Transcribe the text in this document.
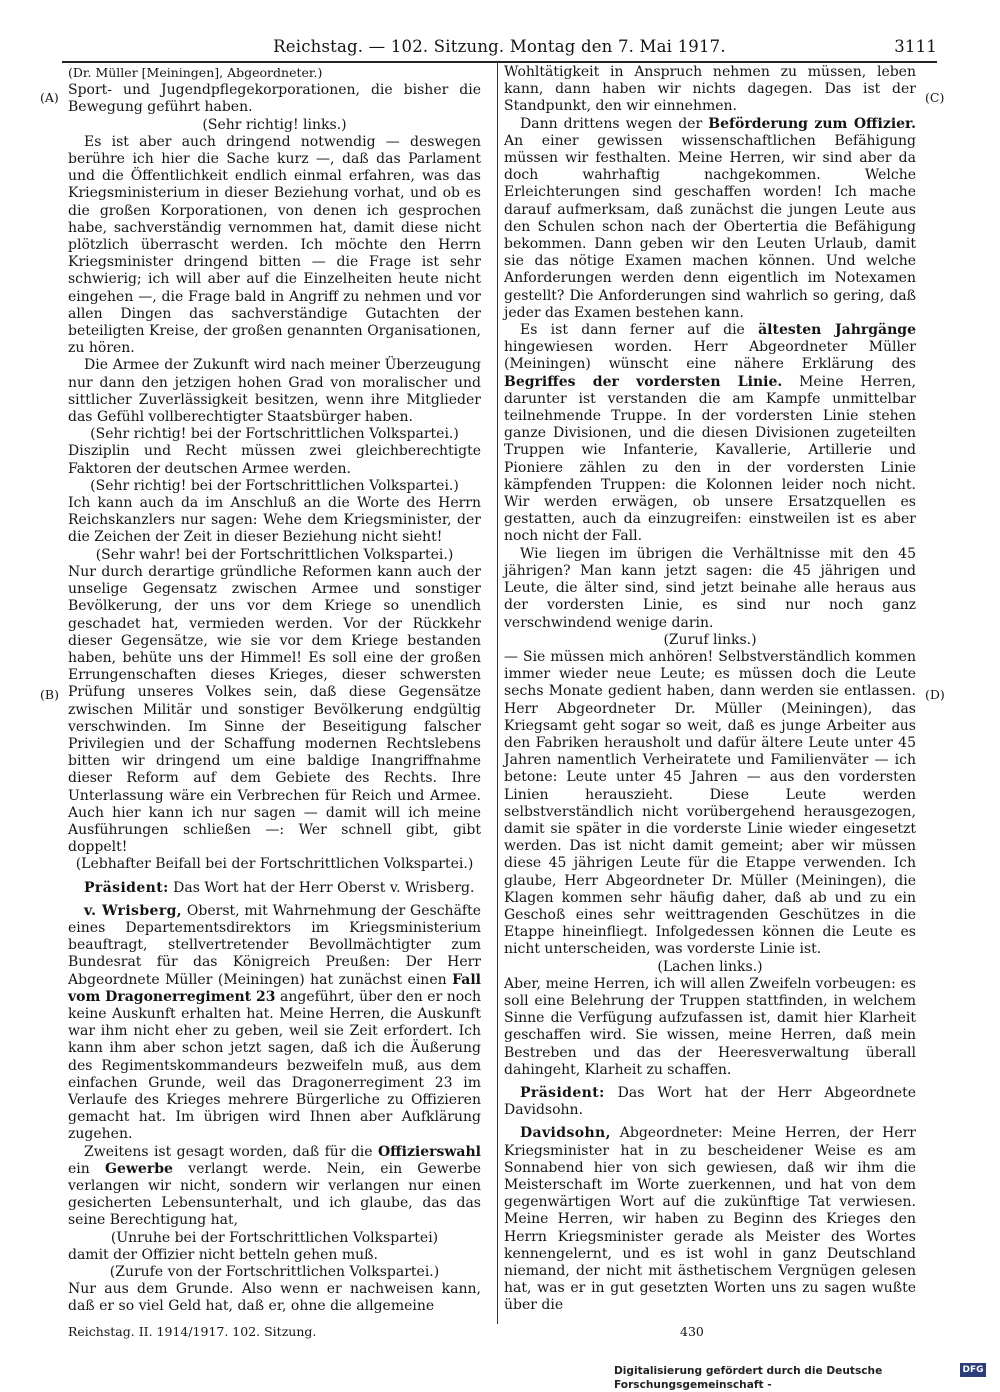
Reichstag. — 102. Sitzung. Montag den 7. Mai 1917.	3111
(A)
(B)
(C)
(D)

(Dr. Müller [Meiningen], Abgeordneter.)

Sport- und Jugendpflegekorporationen, die bisher die Bewegung geführt haben.

(Sehr richtig! links.)

Es ist aber auch dringend notwendig — deswegen berühre ich hier die Sache kurz —, daß das Parlament und die Öffentlichkeit endlich einmal erfahren, was das Kriegsministerium in dieser Beziehung vorhat, und ob es die großen Korporationen, von denen ich gesprochen habe, sachverständig vernommen hat, damit diese nicht plötzlich überrascht werden. Ich möchte den Herrn Kriegsminister dringend bitten — die Frage ist sehr schwierig; ich will aber auf die Einzelheiten heute nicht eingehen —, die Frage bald in Angriff zu nehmen und vor allen Dingen das sachverständige Gutachten der beteiligten Kreise, der großen genannten Organisationen, zu hören.

Die Armee der Zukunft wird nach meiner Überzeugung nur dann den jetzigen hohen Grad von moralischer und sittlicher Zuverlässigkeit besitzen, wenn ihre Mitglieder das Gefühl vollberechtigter Staatsbürger haben.

(Sehr richtig! bei der Fortschrittlichen Volkspartei.)

Disziplin und Recht müssen zwei gleichberechtigte Faktoren der deutschen Armee werden.

(Sehr richtig! bei der Fortschrittlichen Volkspartei.)

Ich kann auch da im Anschluß an die Worte des Herrn Reichskanzlers nur sagen: Wehe dem Kriegsminister, der die Zeichen der Zeit in dieser Beziehung nicht sieht!

(Sehr wahr! bei der Fortschrittlichen Volkspartei.)

Nur durch derartige gründliche Reformen kann auch der unselige Gegensatz zwischen Armee und sonstiger Bevölkerung, der uns vor dem Kriege so unendlich geschadet hat, vermieden werden. Vor der Rückkehr dieser Gegensätze, wie sie vor dem Kriege bestanden haben, behüte uns der Himmel! Es soll eine der großen Errungenschaften dieses Krieges, dieser schwersten Prüfung unseres Volkes sein, daß diese Gegensätze zwischen Militär und sonstiger Bevölkerung endgültig verschwinden. Im Sinne der Beseitigung falscher Privilegien und der Schaffung modernen Rechtslebens bitten wir dringend um eine baldige Inangriffnahme dieser Reform auf dem Gebiete des Rechts. Ihre Unterlassung wäre ein Verbrechen für Reich und Armee. Auch hier kann ich nur sagen — damit will ich meine Ausführungen schließen —: Wer schnell gibt, gibt doppelt!

(Lebhafter Beifall bei der Fortschrittlichen Volkspartei.)

Präsident: Das Wort hat der Herr Oberst v. Wrisberg.

v. Wrisberg, Oberst, mit Wahrnehmung der Geschäfte eines Departementsdirektors im Kriegsministerium beauftragt, stellvertretender Bevollmächtigter zum Bundesrat für das Königreich Preußen: Der Herr Abgeordnete Müller (Meiningen) hat zunächst einen Fall vom Dragonerregiment 23 angeführt, über den er noch keine Auskunft erhalten hat. Meine Herren, die Auskunft war ihm nicht eher zu geben, weil sie Zeit erfordert. Ich kann ihm aber schon jetzt sagen, daß ich die Äußerung des Regimentskommandeurs bezweifeln muß, aus dem einfachen Grunde, weil das Dragonerregiment 23 im Verlaufe des Krieges mehrere Bürgerliche zu Offizieren gemacht hat. Im übrigen wird Ihnen aber Aufklärung zugehen.

Zweitens ist gesagt worden, daß für die Offizierswahl ein Gewerbe verlangt werde. Nein, ein Gewerbe verlangen wir nicht, sondern wir verlangen nur einen gesicherten Lebensunterhalt, und ich glaube, das das seine Berechtigung hat,

(Unruhe bei der Fortschrittlichen Volkspartei)

damit der Offizier nicht betteln gehen muß.

(Zurufe von der Fortschrittlichen Volkspartei.)

Nur aus dem Grunde. Also wenn er nachweisen kann, daß er so viel Geld hat, daß er, ohne die allgemeine

Wohltätigkeit in Anspruch nehmen zu müssen, leben kann, dann haben wir nichts dagegen. Das ist der Standpunkt, den wir einnehmen.

Dann drittens wegen der Beförderung zum Offizier. An einer gewissen wissenschaftlichen Befähigung müssen wir festhalten. Meine Herren, wir sind aber da doch wahrhaftig nachgekommen. Welche Erleichterungen sind geschaffen worden! Ich mache darauf aufmerksam, daß zunächst die jungen Leute aus den Schulen schon nach der Obertertia die Befähigung bekommen. Dann geben wir den Leuten Urlaub, damit sie das nötige Examen machen können. Und welche Anforderungen werden denn eigentlich im Notexamen gestellt? Die Anforderungen sind wahrlich so gering, daß jeder das Examen bestehen kann.

Es ist dann ferner auf die ältesten Jahrgänge hingewiesen worden. Herr Abgeordneter Müller (Meiningen) wünscht eine nähere Erklärung des Begriffes der vordersten Linie. Meine Herren, darunter ist verstanden die am Kampfe unmittelbar teilnehmende Truppe. In der vordersten Linie stehen ganze Divisionen, und die diesen Divisionen zugeteilten Truppen wie Infanterie, Kavallerie, Artillerie und Pioniere zählen zu den in der vordersten Linie kämpfenden Truppen: die Kolonnen leider noch nicht. Wir werden erwägen, ob unsere Ersatzquellen es gestatten, auch da einzugreifen: einstweilen ist es aber noch nicht der Fall.

Wie liegen im übrigen die Verhältnisse mit den 45 jährigen? Man kann jetzt sagen: die 45 jährigen und Leute, die älter sind, sind jetzt beinahe alle heraus aus der vordersten Linie, es sind nur noch ganz verschwindend wenige darin.

(Zuruf links.)

— Sie müssen mich anhören! Selbstverständlich kommen immer wieder neue Leute; es müssen doch die Leute sechs Monate gedient haben, dann werden sie entlassen. Herr Abgeordneter Dr. Müller (Meiningen), das Kriegsamt geht sogar so weit, daß es junge Arbeiter aus den Fabriken herausholt und dafür ältere Leute unter 45 Jahren namentlich Verheiratete und Familienväter — ich betone: Leute unter 45 Jahren — aus den vordersten Linien herauszieht. Diese Leute werden selbstverständlich nicht vorübergehend herausgezogen, damit sie später in die vorderste Linie wieder eingesetzt werden. Das ist nicht damit gemeint; aber wir müssen diese 45 jährigen Leute für die Etappe verwenden. Ich glaube, Herr Abgeordneter Dr. Müller (Meiningen), die Klagen kommen sehr häufig daher, daß ab und zu ein Geschoß eines sehr weittragenden Geschützes in die Etappe hineinfliegt. Infolgedessen können die Leute es nicht unterscheiden, was vorderste Linie ist.

(Lachen links.)

Aber, meine Herren, ich will allen Zweifeln vorbeugen: es soll eine Belehrung der Truppen stattfinden, in welchem Sinne die Verfügung aufzufassen ist, damit hier Klarheit geschaffen wird. Sie wissen, meine Herren, daß mein Bestreben und das der Heeresverwaltung überall dahingeht, Klarheit zu schaffen.

Präsident: Das Wort hat der Herr Abgeordnete Davidsohn.

Davidsohn, Abgeordneter: Meine Herren, der Herr Kriegsminister hat in zu bescheidener Weise es am Sonnabend hier von sich gewiesen, daß wir ihm die Meisterschaft im Worte zuerkennen, und hat von dem gegenwärtigen Wort auf die zukünftige Tat verwiesen. Meine Herren, wir haben zu Beginn des Krieges den Herrn Kriegsminister gerade als Meister des Wortes kennengelernt, und es ist wohl in ganz Deutschland niemand, der nicht mit ästhetischem Vergnügen gelesen hat, was er in gut gesetzten Worten uns zu sagen wußte über die

Reichstag. II. 1914/1917. 102. Sitzung.	430
Digitalisierung gefördert durch die Deutsche Forschungsgemeinschaft -
DFG
